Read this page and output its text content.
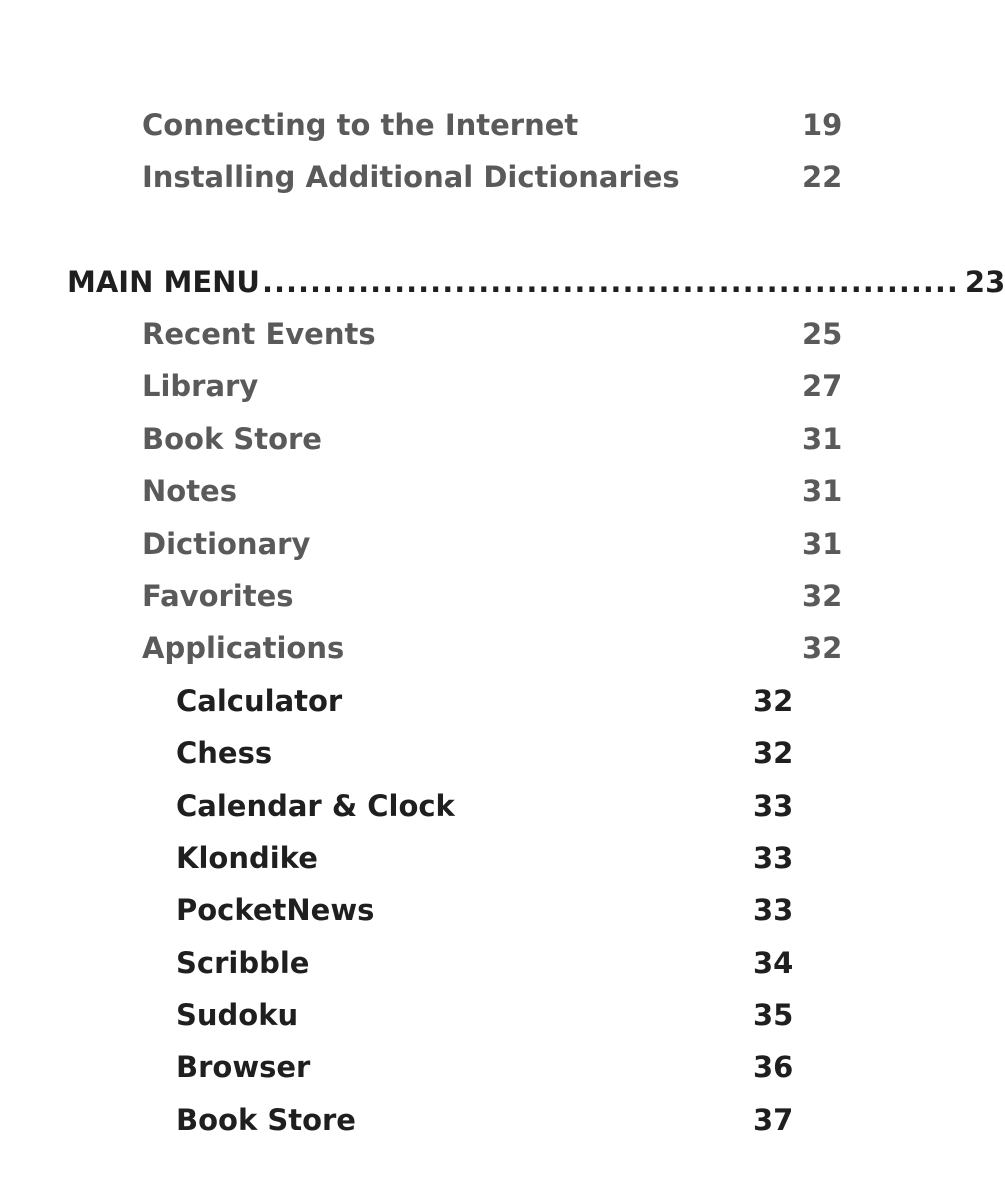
Connecting to the Internet	19
Installing Additional Dictionaries	22
MAIN MENU .......................................................... 23
Recent Events	25
Library	27
Book Store	31
Notes	31
Dictionary	31
Favorites	32
Applications	32
Calculator	32
Chess	32
Calendar & Clock	33
Klondike	33
PocketNews	33
Scribble	34
Sudoku	35
Browser	36
Book Store	37
